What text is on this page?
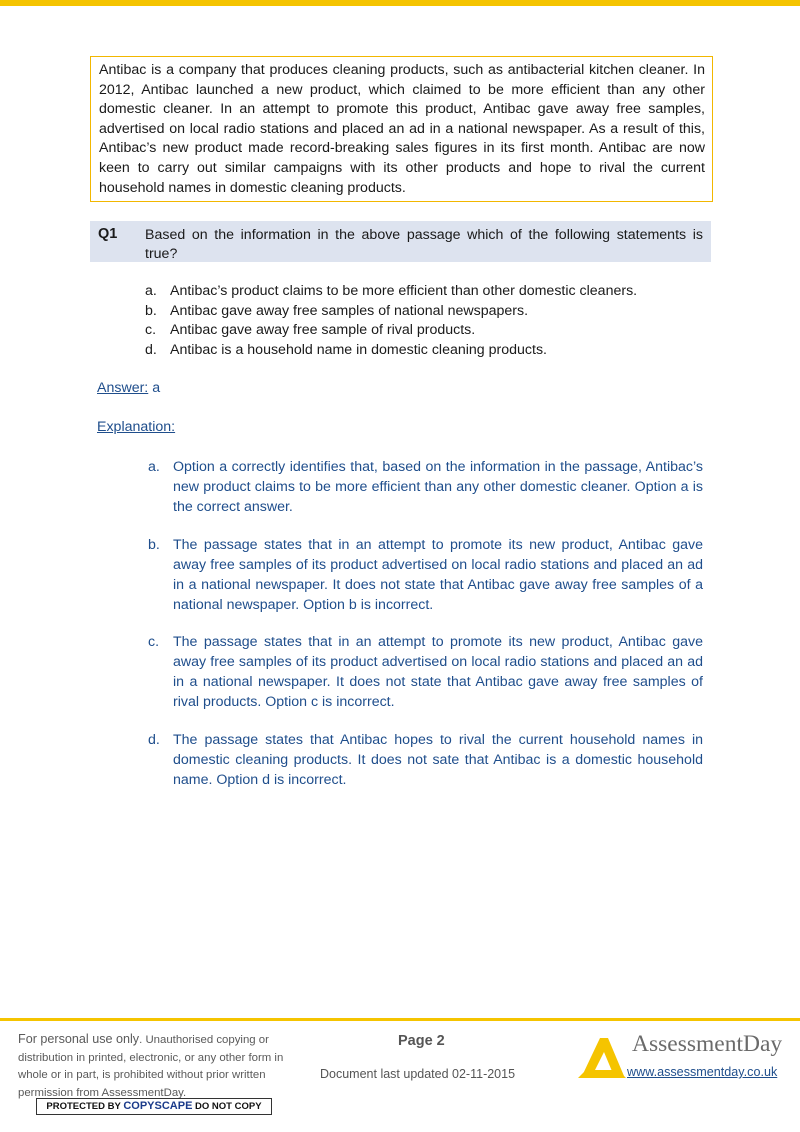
Antibac is a company that produces cleaning products, such as antibacterial kitchen cleaner. In 2012, Antibac launched a new product, which claimed to be more efficient than any other domestic cleaner. In an attempt to promote this product, Antibac gave away free samples, advertised on local radio stations and placed an ad in a national newspaper. As a result of this, Antibac’s new product made record-breaking sales figures in its first month. Antibac are now keen to carry out similar campaigns with its other products and hope to rival the current household names in domestic cleaning products.
Q1 Based on the information in the above passage which of the following statements is true?
a. Antibac’s product claims to be more efficient than other domestic cleaners.
b. Antibac gave away free samples of national newspapers.
c. Antibac gave away free sample of rival products.
d. Antibac is a household name in domestic cleaning products.
Answer: a
Explanation:
a. Option a correctly identifies that, based on the information in the passage, Antibac’s new product claims to be more efficient than any other domestic cleaner. Option a is the correct answer.
b. The passage states that in an attempt to promote its new product, Antibac gave away free samples of its product advertised on local radio stations and placed an ad in a national newspaper. It does not state that Antibac gave away free samples of a national newspaper. Option b is incorrect.
c. The passage states that in an attempt to promote its new product, Antibac gave away free samples of its product advertised on local radio stations and placed an ad in a national newspaper. It does not state that Antibac gave away free samples of rival products. Option c is incorrect.
d. The passage states that Antibac hopes to rival the current household names in domestic cleaning products. It does not sate that Antibac is a domestic household name. Option d is incorrect.
For personal use only. Unauthorised copying or distribution in printed, electronic, or any other form in whole or in part, is prohibited without prior written permission from AssessmentDay.
PROTECTED BY COPYSCAPE DO NOT COPY
Page 2
Document last updated 02-11-2015
AssessmentDay
www.assessmentday.co.uk
